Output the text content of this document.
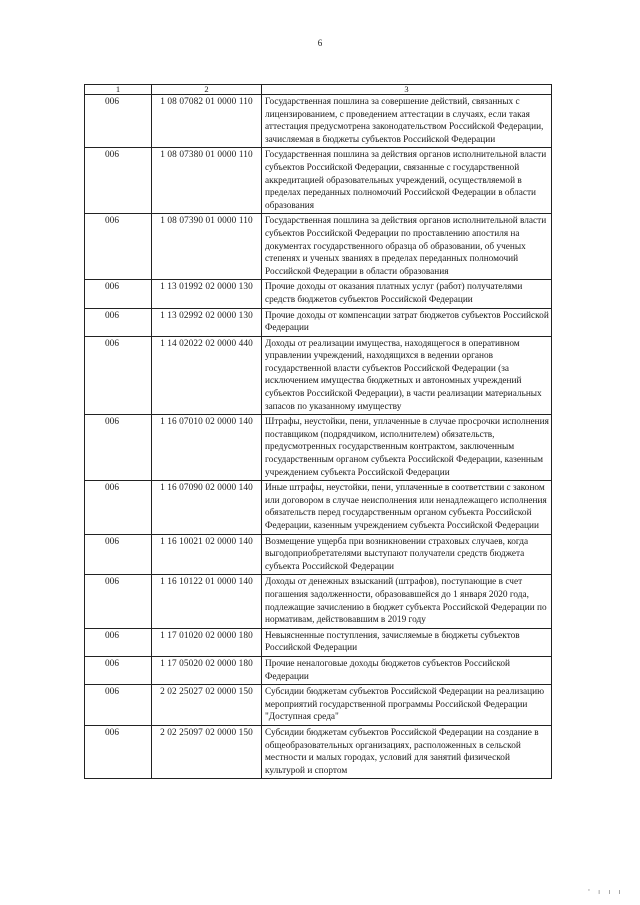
6
1	2	3
006	1 08 07082 01 0000 110	Государственная пошлина за совершение действий, связанных с лицензированием, с проведением аттестации в случаях, если такая аттестация предусмотрена законодательством Российской Федерации, зачисляемая в бюджеты субъектов Российской Федерации
006	1 08 07380 01 0000 110	Государственная пошлина за действия органов исполнительной власти субъектов Российской Федерации, связанные с государственной аккредитацией образовательных учреждений, осуществляемой в пределах переданных полномочий Российской Федерации в области образования
006	1 08 07390 01 0000 110	Государственная пошлина за действия органов исполнительной власти субъектов Российской Федерации по проставлению апостиля на документах государственного образца об образовании, об ученых степенях и ученых званиях в пределах переданных полномочий Российской Федерации в области образования
006	1 13 01992 02 0000 130	Прочие доходы от оказания платных услуг (работ) получателями средств бюджетов субъектов Российской Федерации
006	1 13 02992 02 0000 130	Прочие доходы от компенсации затрат бюджетов субъектов Российской Федерации
006	1 14 02022 02 0000 440	Доходы от реализации имущества, находящегося в оперативном управлении учреждений, находящихся в ведении органов государственной власти субъектов Российской Федерации (за исключением имущества бюджетных и автономных учреждений субъектов Российской Федерации), в части реализации материальных запасов по указанному имуществу
006	1 16 07010 02 0000 140	Штрафы, неустойки, пени, уплаченные в случае просрочки исполнения поставщиком (подрядчиком, исполнителем) обязательств, предусмотренных государственным контрактом, заключенным государственным органом субъекта Российской Федерации, казенным учреждением субъекта Российской Федерации
006	1 16 07090 02 0000 140	Иные штрафы, неустойки, пени, уплаченные в соответствии с законом или договором в случае неисполнения или ненадлежащего исполнения обязательств перед государственным органом субъекта Российской Федерации, казенным учреждением субъекта Российской Федерации
006	1 16 10021 02 0000 140	Возмещение ущерба при возникновении страховых случаев, когда выгодоприобретателями выступают получатели средств бюджета субъекта Российской Федерации
006	1 16 10122 01 0000 140	Доходы от денежных взысканий (штрафов), поступающие в счет погашения задолженности, образовавшейся до 1 января 2020 года, подлежащие зачислению в бюджет субъекта Российской Федерации по нормативам, действовавшим в 2019 году
006	1 17 01020 02 0000 180	Невыясненные поступления, зачисляемые в бюджеты субъектов Российской Федерации
006	1 17 05020 02 0000 180	Прочие неналоговые доходы бюджетов субъектов Российской Федерации
006	2 02 25027 02 0000 150	Субсидии бюджетам субъектов Российской Федерации на реализацию мероприятий государственной программы Российской Федерации "Доступная среда"
006	2 02 25097 02 0000 150	Субсидии бюджетам субъектов Российской Федерации на создание в общеобразовательных организациях, расположенных в сельской местности и малых городах, условий для занятий физической культурой и спортом
' ı ı ı
